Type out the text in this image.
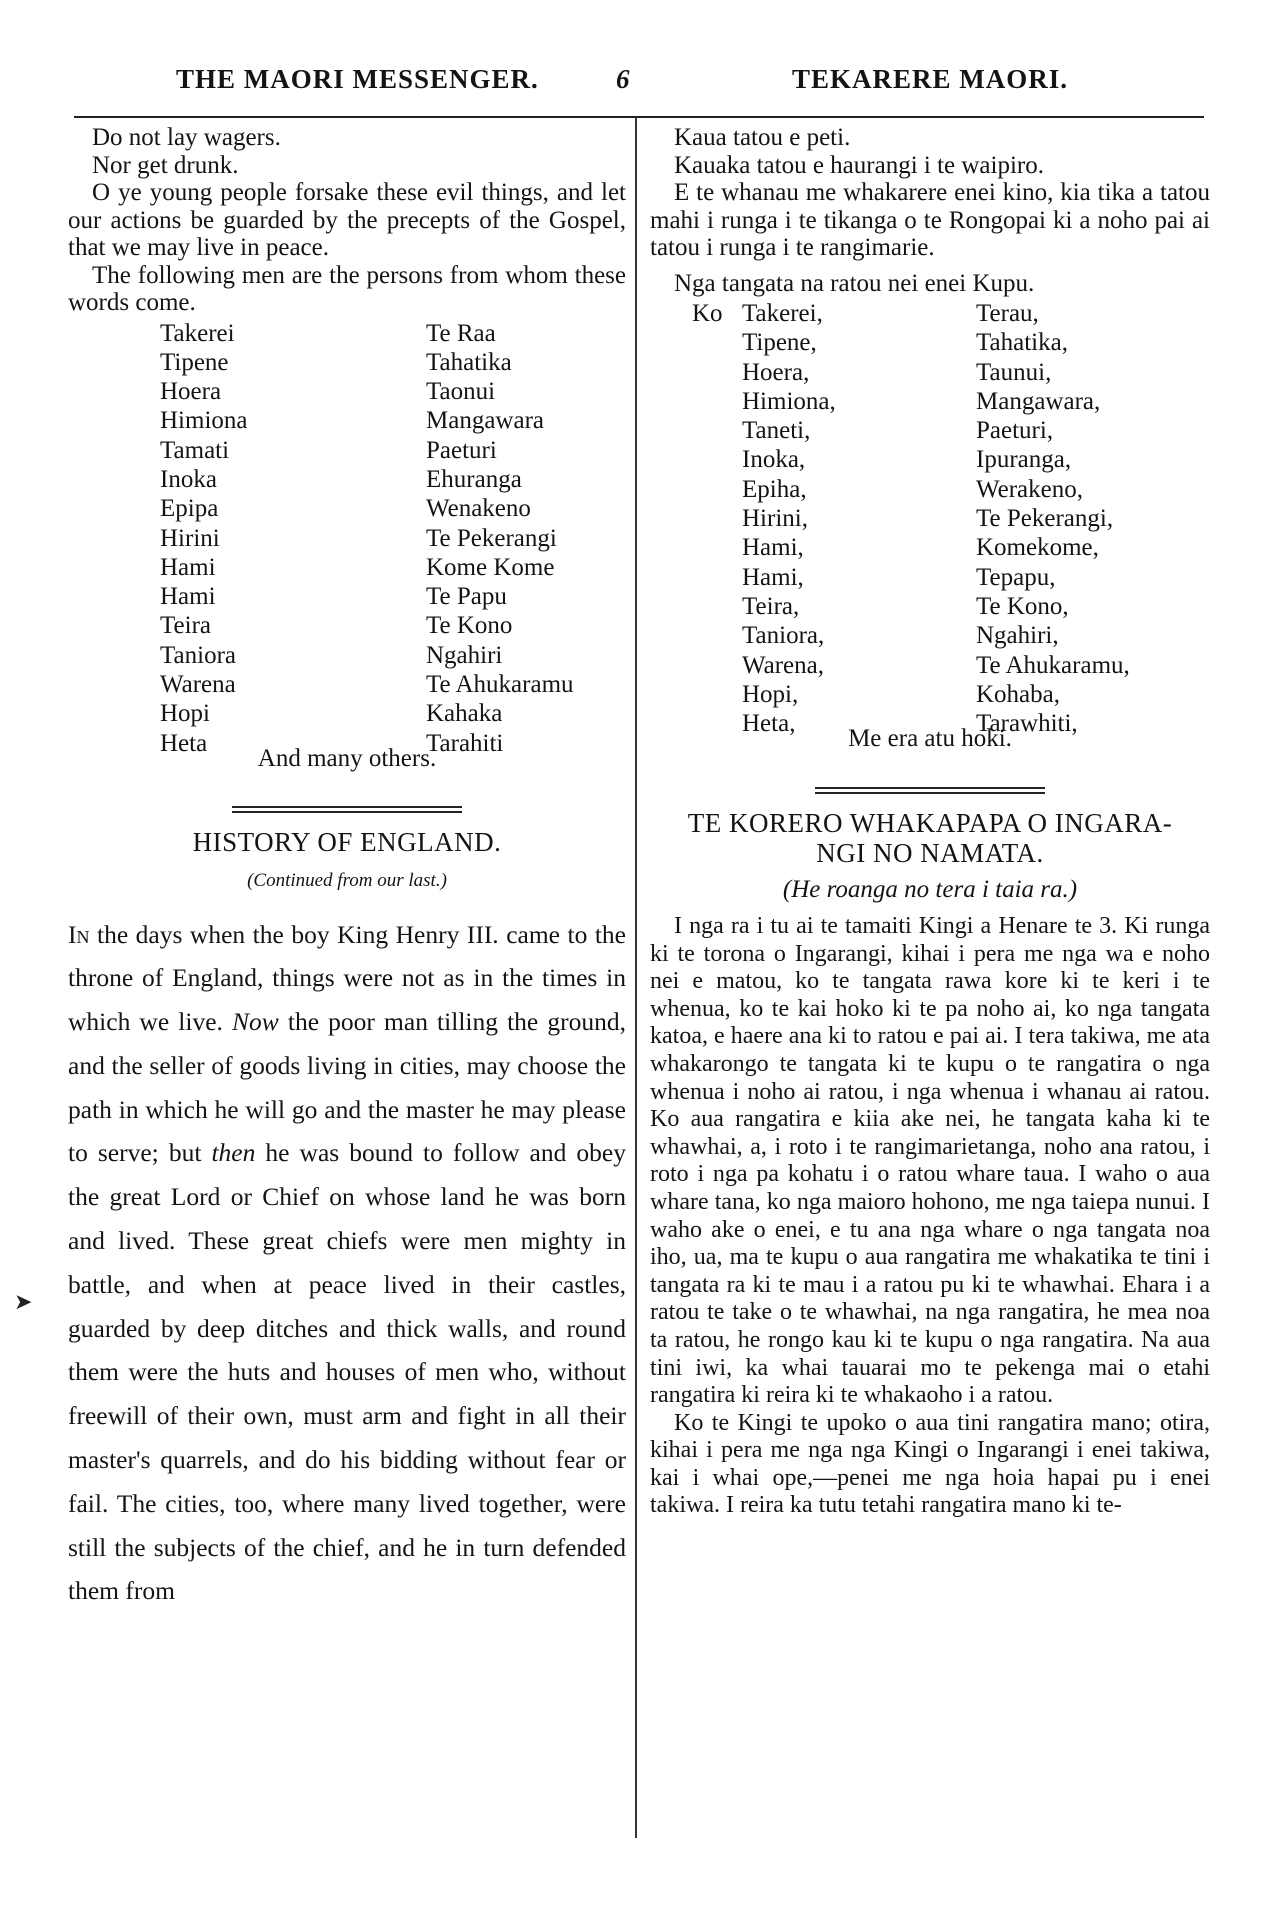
THE MAORI MESSENGER.	6	TEKARERE MAORI.

Do not lay wagers.

Nor get drunk.

O ye young people forsake these evil things, and let our actions be guarded by the precepts of the Gospel, that we may live in peace.

The following men are the persons from whom these words come.

Takerei
Tipene
Hoera
Himiona
Tamati
Inoka
Epipa
Hirini
Hami
Hami
Teira
Taniora
Warena
Hopi
Heta
Te Raa
Tahatika
Taonui
Mangawara
Paeturi
Ehuranga
Wenakeno
Te Pekerangi
Kome Kome
Te Papu
Te Kono
Ngahiri
Te Ahukaramu
Kahaka
Tarahiti
And many others.
HISTORY OF ENGLAND.
(Continued from our last.)

In the days when the boy King Henry III. came to the throne of England, things were not as in the times in which we live. Now the poor man tilling the ground, and the seller of goods living in cities, may choose the path in which he will go and the master he may please to serve; but then he was bound to follow and obey the great Lord or Chief on whose land he was born and lived. These great chiefs were men mighty in battle, and when at peace lived in their castles, guarded by deep ditches and thick walls, and round them were the huts and houses of men who, without freewill of their own, must arm and fight in all their master's quarrels, and do his bidding without fear or fail. The cities, too, where many lived together, were still the subjects of the chief, and he in turn defended them from

Kaua tatou e peti.

Kauaka tatou e haurangi i te waipiro.

E te whanau me whakarere enei kino, kia tika a tatou mahi i runga i te tikanga o te Rongopai ki a noho pai ai tatou i runga i te rangimarie.

Nga tangata na ratou nei enei Kupu.

Ko Takerei,
Tipene,
Hoera,
Himiona,
Taneti,
Inoka,
Epiha,
Hirini,
Hami,
Hami,
Teira,
Taniora,
Warena,
Hopi,
Heta,
Terau,
Tahatika,
Taunui,
Mangawara,
Paeturi,
Ipuranga,
Werakeno,
Te Pekerangi,
Komekome,
Tepapu,
Te Kono,
Ngahiri,
Te Ahukaramu,
Kohaba,
Tarawhiti,
Me era atu hoki.
TE KORERO WHAKAPAPA O INGARA-
NGI NO NAMATA.
(He roanga no tera i taia ra.)

I nga ra i tu ai te tamaiti Kingi a Henare te 3. Ki runga ki te torona o Ingarangi, kihai i pera me nga wa e noho nei e matou, ko te tangata rawa kore ki te keri i te whenua, ko te kai hoko ki te pa noho ai, ko nga tangata katoa, e haere ana ki to ratou e pai ai. I tera takiwa, me ata whakarongo te tangata ki te kupu o te rangatira o nga whenua i noho ai ratou, i nga whenua i whanau ai ratou. Ko aua rangatira e kiia ake nei, he tangata kaha ki te whawhai, a, i roto i te rangimarietanga, noho ana ratou, i roto i nga pa kohatu i o ratou whare taua. I waho o aua whare tana, ko nga maioro hohono, me nga taiepa nunui. I waho ake o enei, e tu ana nga whare o nga tangata noa iho, ua, ma te kupu o aua rangatira me whakatika te tini i tangata ra ki te mau i a ratou pu ki te whawhai. Ehara i a ratou te take o te whawhai, na nga rangatira, he mea noa ta ratou, he rongo kau ki te kupu o nga rangatira. Na aua tini iwi, ka whai tauarai mo te pekenga mai o etahi rangatira ki reira ki te whakaoho i a ratou.

Ko te Kingi te upoko o aua tini rangatira mano; otira, kihai i pera me nga nga Kingi o Ingarangi i enei takiwa, kai i whai ope,—penei me nga hoia hapai pu i enei takiwa. I reira ka tutu tetahi rangatira mano ki te-

➤
